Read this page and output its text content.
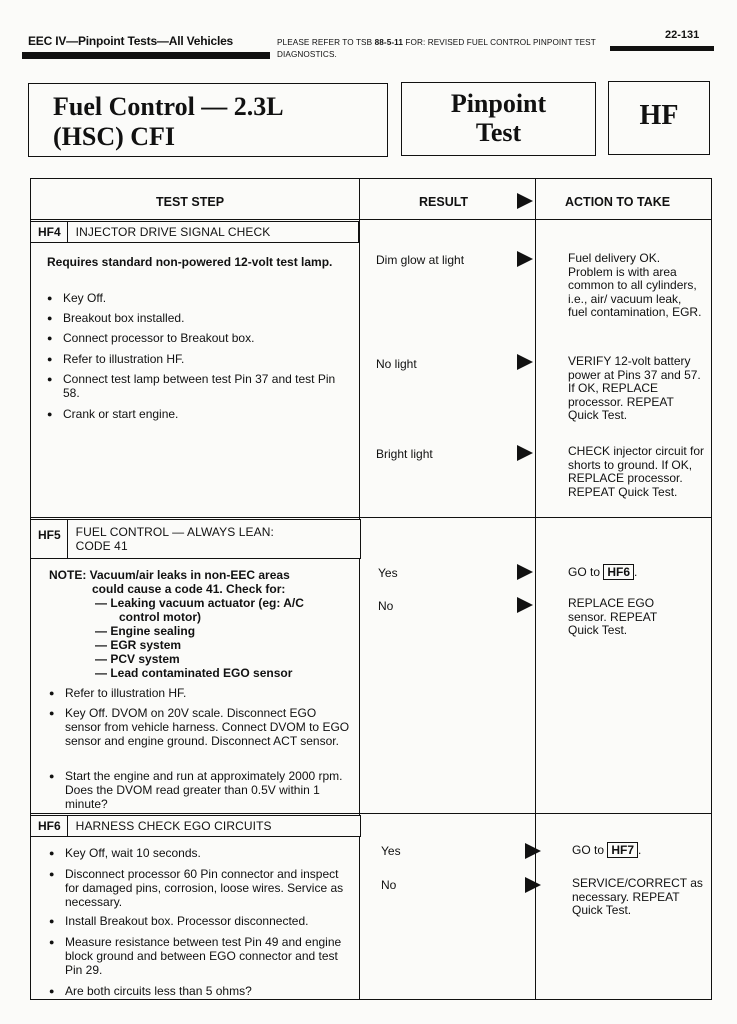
EEC IV—Pinpoint Tests—All Vehicles	PLEASE REFER TO TSB 88-5-11 FOR: REVISED FUEL CONTROL PINPOINT TEST DIAGNOSTICS.
22-131
Fuel Control — 2.3L
(HSC) CFI
Pinpoint
Test
HF
TEST STEP	RESULT	ACTION TO TAKE
HF4	INJECTOR DRIVE SIGNAL CHECK
Requires standard non-powered 12-volt test lamp.
● Key Off.
● Breakout box installed.
● Connect processor to Breakout box.
● Refer to illustration HF.
● Connect test lamp between test Pin 37 and test Pin 58.
● Crank or start engine.
Dim glow at light	Fuel delivery OK. Problem is with area common to all cylinders, i.e., air/ vacuum leak, fuel contamination, EGR.
No light	VERIFY 12-volt battery power at Pins 37 and 57. If OK, REPLACE processor. REPEAT Quick Test.
Bright light	CHECK injector circuit for shorts to ground. If OK, REPLACE processor. REPEAT Quick Test.
HF5	FUEL CONTROL — ALWAYS LEAN:
CODE 41
NOTE: Vacuum/air leaks in non-EEC areas
could cause a code 41. Check for:
— Leaking vacuum actuator (eg: A/C
control motor)
— Engine sealing
— EGR system
— PCV system
— Lead contaminated EGO sensor
● Refer to illustration HF.
● Key Off. DVOM on 20V scale. Disconnect EGO sensor from vehicle harness. Connect DVOM to EGO sensor and engine ground. Disconnect ACT sensor.
● Start the engine and run at approximately 2000 rpm. Does the DVOM read greater than 0.5V within 1 minute?
Yes	GO to HF6 .
No	REPLACE EGO sensor. REPEAT Quick Test.
HF6	HARNESS CHECK EGO CIRCUITS
● Key Off, wait 10 seconds.
● Disconnect processor 60 Pin connector and inspect for damaged pins, corrosion, loose wires. Service as necessary.
● Install Breakout box. Processor disconnected.
● Measure resistance between test Pin 49 and engine block ground and between EGO connector and test Pin 29.
● Are both circuits less than 5 ohms?
Yes	GO to HF7 .
No	SERVICE/CORRECT as necessary. REPEAT Quick Test.
